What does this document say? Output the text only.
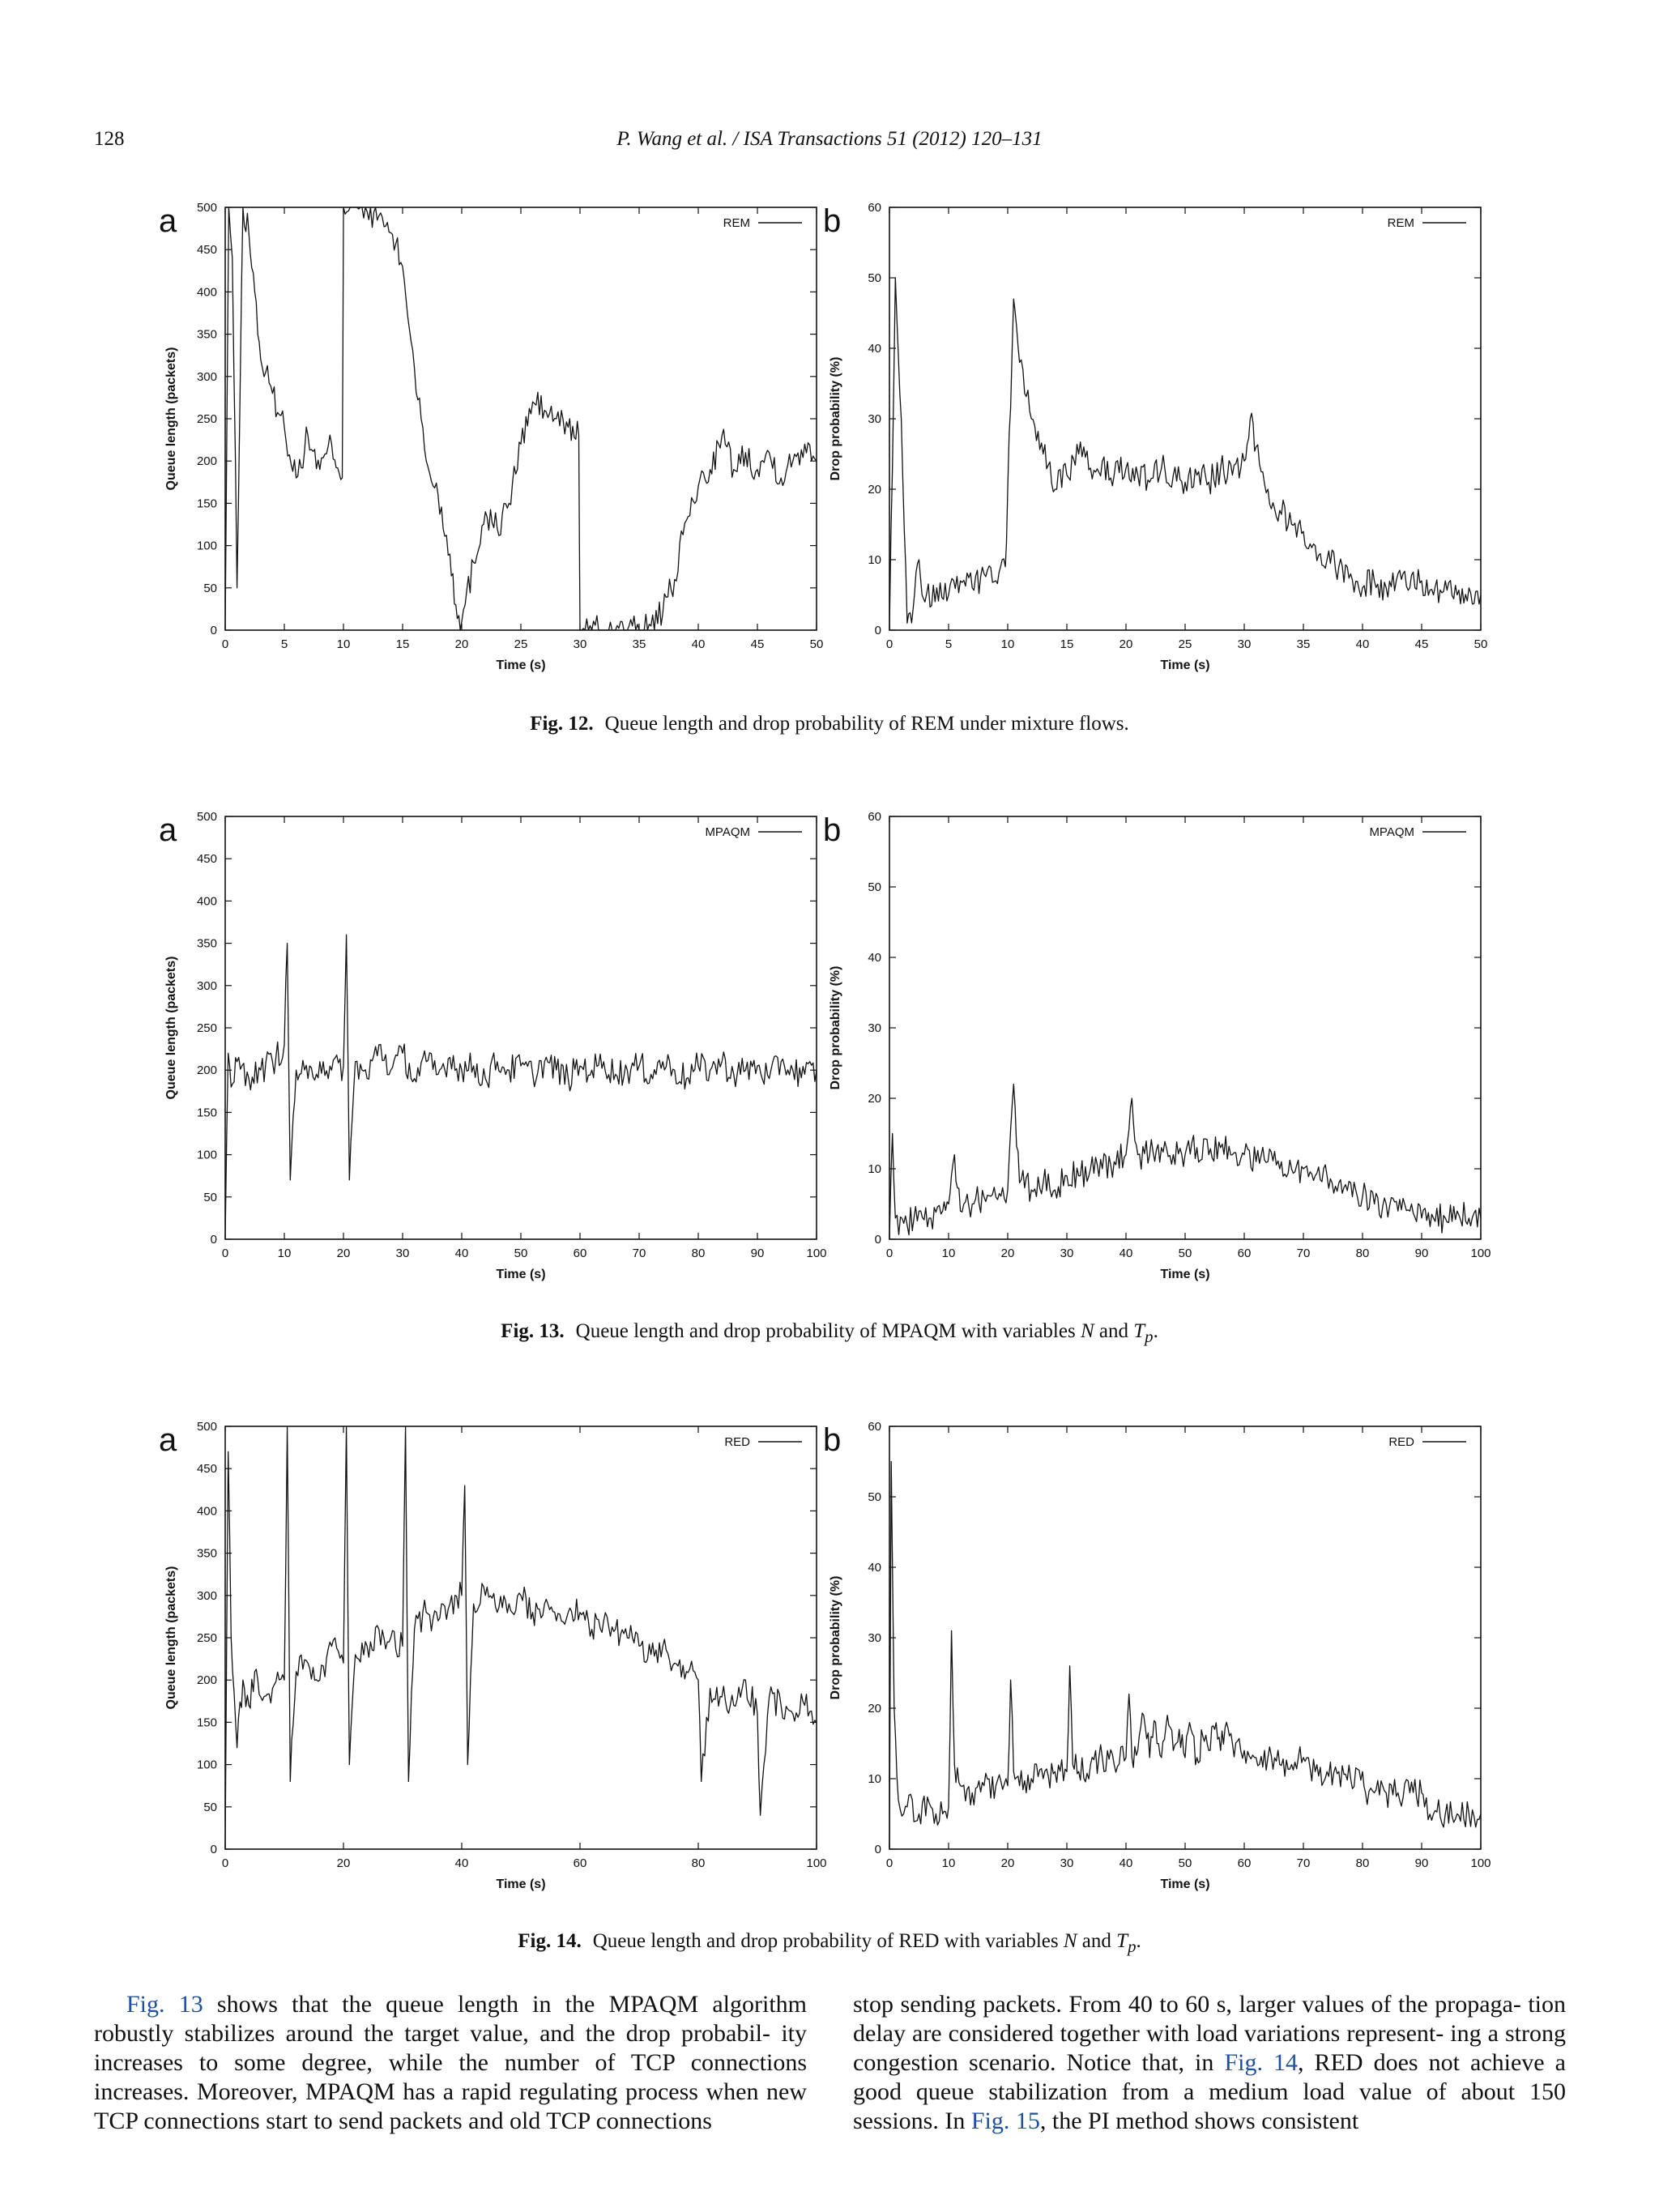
128	P. Wang et al. / ISA Transactions 51 (2012) 120–131
a
0	5	10	15	20	25	30	35	40	45	50
0
50
100
150
200
250
300
350
400
450
500
Time (s)
Queue length (packets)
REM b
0	5	10	15	20	25	30	35	40	45	50
0
10
20
30
40
50
60
Time (s)
Drop probability (%)
REM
Fig. 12. Queue length and drop probability of REM under mixture flows.
a
0	10	20	30	40	50	60	70	80	90	100
0
50
100
150
200
250
300
350
400
450
500
Time (s)
Queue length (packets)
MPAQM b
0	10	20	30	40	50	60	70	80	90	100
0
10
20
30
40
50
60
Time (s)
Drop probability (%)
MPAQM
Fig. 13. Queue length and drop probability of MPAQM with variables N and $T_p$.
a
0	20	40	60	80	100
0
50
100
150
200
250
300
350
400
450
500
Time (s)
Queue length (packets)
RED b
0	10	20	30	40	50	60	70	80	90	100
0
10
20
30
40
50
60
Time (s)
Drop probability (%)
RED
Fig. 14. Queue length and drop probability of RED with variables N and $T_p$.
Fig. 13 shows that the queue length in the MPAQM algorithm robustly stabilizes around the target value, and the drop probabil- ity increases to some degree, while the number of TCP connections increases. Moreover, MPAQM has a rapid regulating process when new TCP connections start to send packets and old TCP connections
stop sending packets. From 40 to 60 s, larger values of the propaga- tion delay are considered together with load variations represent- ing a strong congestion scenario. Notice that, in Fig. 14, RED does not achieve a good queue stabilization from a medium load value of about 150 sessions. In Fig. 15, the PI method shows consistent
